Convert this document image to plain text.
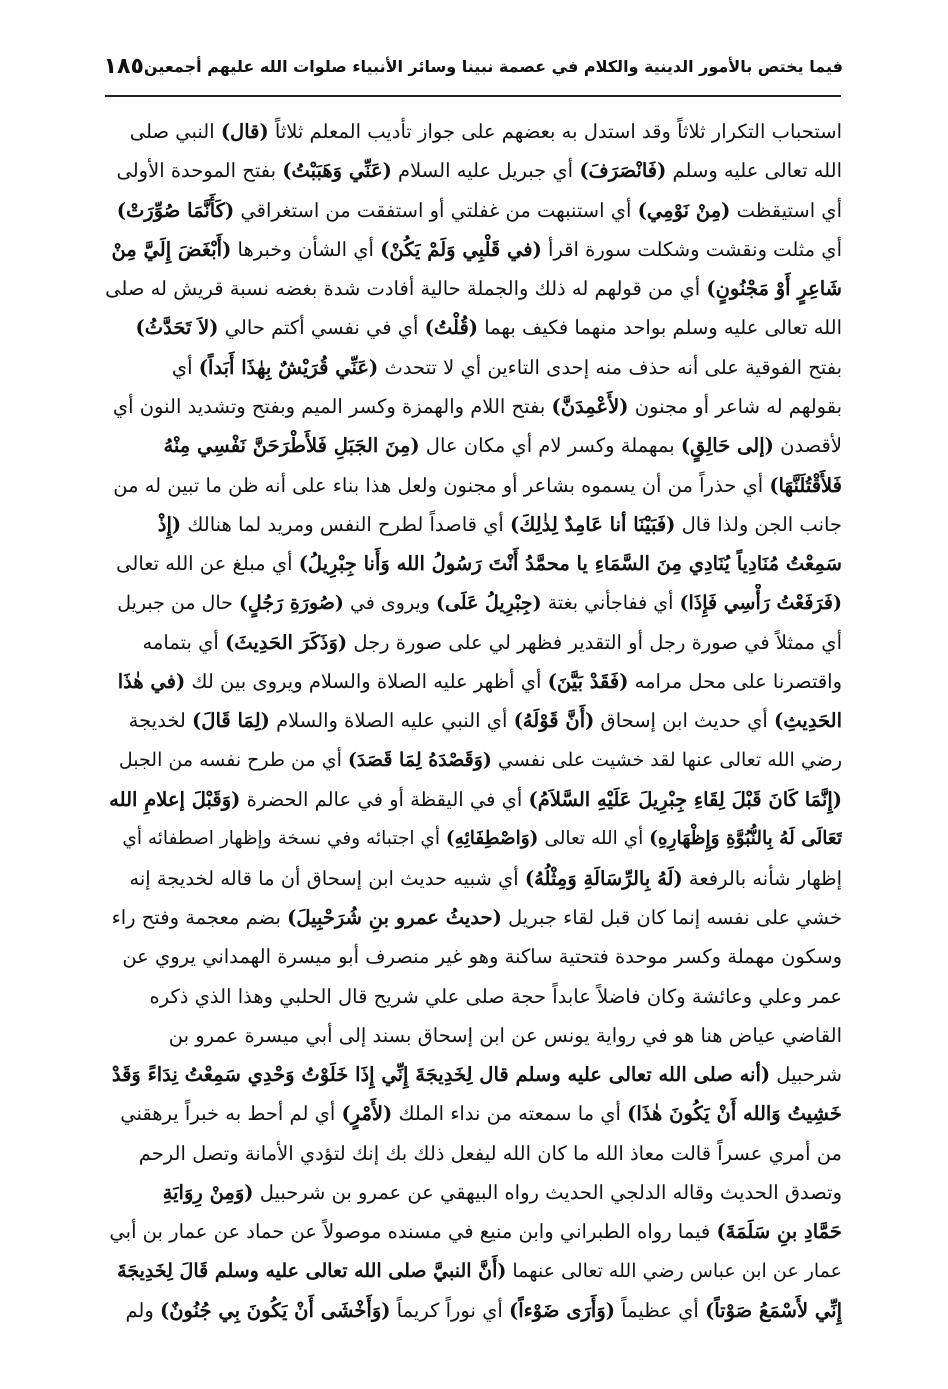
فيما يختص بالأمور الدينية والكلام في عصمة نبينا وسائر الأنبياء صلوات الله عليهم أجمعين
١٨٥
استحباب التكرار ثلاثاً وقد استدل به بعضهم على جواز تأديب المعلم ثلاثاً (قال) النبي صلى
الله تعالى عليه وسلم (فَانْصَرَفَ) أي جبريل عليه السلام (عَنِّي وَهَبَبْتُ) بفتح الموحدة الأولى
أي استيقظت (مِنْ نَوْمِي) أي استنبهت من غفلتي أو استفقت من استغراقي (كَأَنَّمَا صُوِّرَتْ)
أي مثلت ونقشت وشكلت سورة اقرأ (في قَلْبِي وَلَمْ يَكُنْ) أي الشأن وخبرها (أَبْغَضَ إِلَيَّ مِنْ
شَاعِرٍ أَوْ مَجْنُونٍ) أي من قولهم له ذلك والجملة حالية أفادت شدة بغضه نسبة قريش له صلى
الله تعالى عليه وسلم بواحد منهما فكيف بهما (قُلْتُ) أي في نفسي أكتم حالي (لاَ تَحَدَّثُ)
بفتح الفوقية على أنه حذف منه إحدى التاءين أي لا تتحدث (عَنِّي قُرَيْشٌ بِهٰذَا أَبَداً) أي
بقولهم له شاعر أو مجنون (لأَعْمِدَنَّ) بفتح اللام والهمزة وكسر الميم وبفتح وتشديد النون أي
لأقصدن (إلى حَالِقٍ) بمهملة وكسر لام أي مكان عال (مِنَ الجَبَلِ فَلأَطْرَحَنَّ نَفْسِي مِنْهُ
فَلأَقْتُلَنَّهَا) أي حذراً من أن يسموه بشاعر أو مجنون ولعل هذا بناء على أنه ظن ما تبين له من
جانب الجن ولذا قال (فَبَيْنَا أنا عَامِدٌ لِذٰلِكَ) أي قاصداً لطرح النفس ومريد لما هنالك (إِذْ
سَمِعْتُ مُنَادِياً يُنَادِي مِنَ السَّمَاءِ يا محمَّدُ أَنْتَ رَسُولُ الله وَأَنا جِبْرِيلُ) أي مبلغ عن الله تعالى
(فَرَفَعْتُ رَأْسِي فَإِذَا) أي ففاجأني بغتة (جِبْرِيلُ عَلَى) ويروى في (صُورَةِ رَجُلٍ) حال من جبريل
أي ممثلاً في صورة رجل أو التقدير فظهر لي على صورة رجل (وَذَكَرَ الحَدِيثَ) أي بتمامه
واقتصرنا على محل مرامه (فَقَدْ بَيَّنَ) أي أظهر عليه الصلاة والسلام ويروى بين لك (في هٰذَا
الحَدِيثِ) أي حديث ابن إسحاق (أَنَّ قَوْلَهُ) أي النبي عليه الصلاة والسلام (لِمَا قَالَ) لخديجة
رضي الله تعالى عنها لقد خشيت على نفسي (وَقَصْدَهُ لِمَا قَصَدَ) أي من طرح نفسه من الجبل
(إِنَّمَا كَانَ قَبْلَ لِقَاءِ جِبْرِيلَ عَلَيْهِ السَّلاَمُ) أي في اليقظة أو في عالم الحضرة (وَقَبْلَ إعلامِ الله
تَعَالَى لَهُ بِالنُّبُوَّةِ وَإِظْهَارِهِ) أي الله تعالى (وَاصْطِفَائِهِ) أي اجتبائه وفي نسخة وإظهار اصطفائه أي
إظهار شأنه بالرفعة (لَهُ بِالرِّسَالَةِ وَمِثْلُهُ) أي شبيه حديث ابن إسحاق أن ما قاله لخديجة إنه
خشي على نفسه إنما كان قبل لقاء جبريل (حديثُ عمرو بنِ شُرَحْبِيلَ) بضم معجمة وفتح راء
وسكون مهملة وكسر موحدة فتحتية ساكنة وهو غير منصرف أبو ميسرة الهمداني يروي عن
عمر وعلي وعائشة وكان فاضلاً عابداً حجة صلى علي شريح قال الحلبي وهذا الذي ذكره
القاضي عياض هنا هو في رواية يونس عن ابن إسحاق بسند إلى أبي ميسرة عمرو بن
شرحبيل (أنه صلى الله تعالى عليه وسلم قال لِخَدِيجَةَ إِنِّي إِذَا خَلَوْتُ وَحْدِي سَمِعْتُ نِدَاءً وَقَدْ
خَشِيتُ وَالله أَنْ يَكُونَ هٰذَا) أي ما سمعته من نداء الملك (لأَمْرٍ) أي لم أحط به خبراً يرهقني
من أمري عسراً قالت معاذ الله ما كان الله ليفعل ذلك بك إنك لتؤدي الأمانة وتصل الرحم
وتصدق الحديث وقاله الدلجي الحديث رواه البيهقي عن عمرو بن شرحبيل (وَمِنْ رِوَايَةِ
حَمَّادِ بنِ سَلَمَةَ) فيما رواه الطبراني وابن منيع في مسنده موصولاً عن حماد عن عمار بن أبي
عمار عن ابن عباس رضي الله تعالى عنهما (أَنَّ النبيَّ صلى الله تعالى عليه وسلم قَالَ لِخَدِيجَةَ
إِنِّي لأَسْمَعُ صَوْتاً) أي عظيماً (وَأَرَى ضَوْءاً) أي نوراً كريماً (وَأَخْشَى أَنْ يَكُونَ بِي جُنُونٌ) ولم
